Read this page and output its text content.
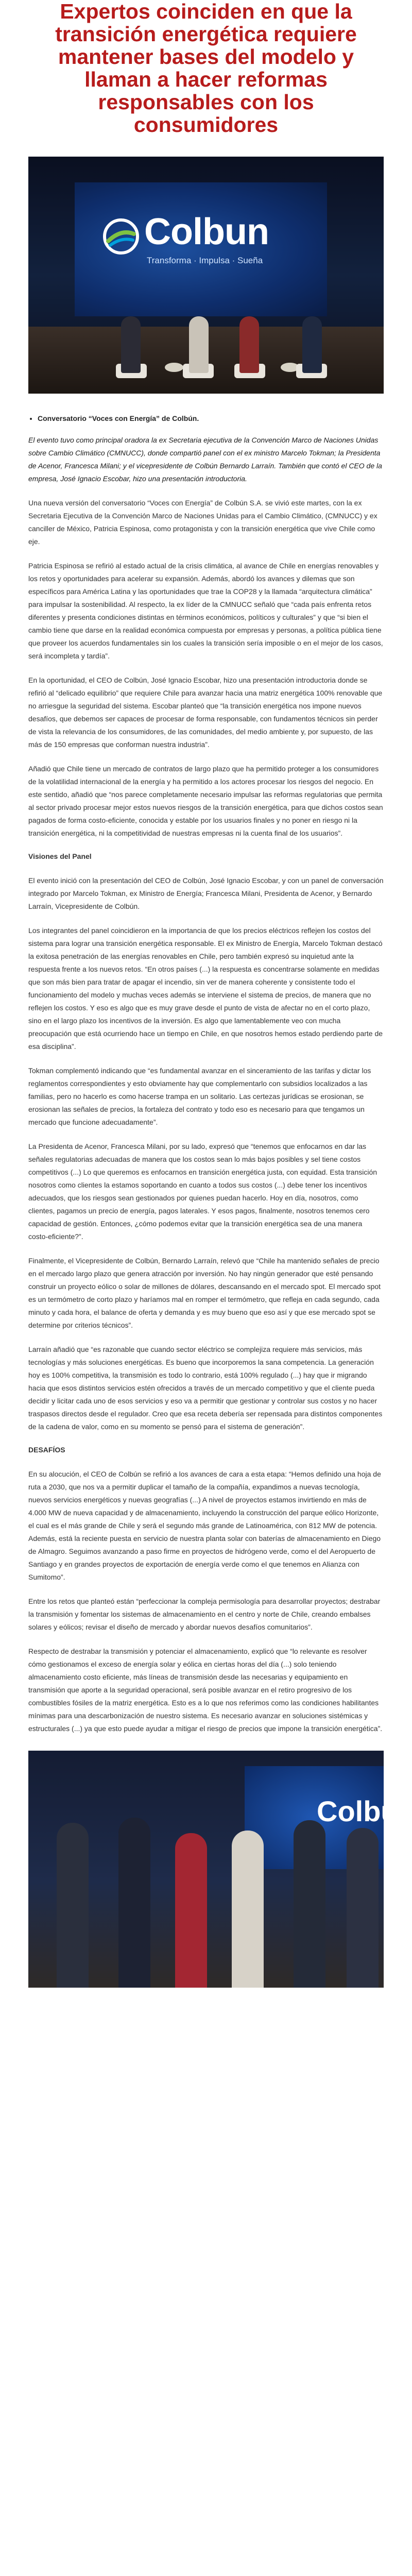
Expertos coinciden en que la transición energética requiere mantener bases del modelo y llaman a hacer reformas responsables con los consumidores
Colbun
Transforma · Impulsa · Sueña
• Conversatorio “Voces con Energía” de Colbún.

El evento tuvo como principal oradora la ex Secretaria ejecutiva de la Convención Marco de Naciones Unidas sobre Cambio Climático (CMNUCC), donde compartió panel con el ex ministro Marcelo Tokman; la Presidenta de Acenor, Francesca Milani; y el vicepresidente de Colbún Bernardo Larraín. También que contó el CEO de la empresa, José Ignacio Escobar, hizo una presentación introductoria.

Una nueva versión del conversatorio “Voces con Energía” de Colbún S.A. se vivió este martes, con la ex Secretaria Ejecutiva de la Convención Marco de Naciones Unidas para el Cambio Climático, (CMNUCC) y ex canciller de México, Patricia Espinosa, como protagonista y con la transición energética que vive Chile como eje.

Patricia Espinosa se refirió al estado actual de la crisis climática, al avance de Chile en energías renovables y los retos y oportunidades para acelerar su expansión. Además, abordó los avances y dilemas que son específicos para América Latina y las oportunidades que trae la COP28 y la llamada “arquitectura climática” para impulsar la sostenibilidad. Al respecto, la ex líder de la CMNUCC señaló que “cada país enfrenta retos diferentes y presenta condiciones distintas en términos económicos, políticos y culturales” y que “si bien el cambio tiene que darse en la realidad económica compuesta por empresas y personas, a política pública tiene que proveer los acuerdos fundamentales sin los cuales la transición sería imposible o en el mejor de los casos, será incompleta y tardía”.

En la oportunidad, el CEO de Colbún, José Ignacio Escobar, hizo una presentación introductoria donde se refirió al “delicado equilibrio” que requiere Chile para avanzar hacia una matriz energética 100% renovable que no arriesgue la seguridad del sistema. Escobar planteó que “la transición energética nos impone nuevos desafíos, que debemos ser capaces de procesar de forma responsable, con fundamentos técnicos sin perder de vista la relevancia de los consumidores, de las comunidades, del medio ambiente y, por supuesto, de las más de 150 empresas que conforman nuestra industria”.

Añadió que Chile tiene un mercado de contratos de largo plazo que ha permitido proteger a los consumidores de la volatilidad internacional de la energía y ha permitido a los actores procesar los riesgos del negocio. En este sentido, añadió que “nos parece completamente necesario impulsar las reformas regulatorias que permita al sector privado procesar mejor estos nuevos riesgos de la transición energética, para que dichos costos sean pagados de forma costo-eficiente, conocida y estable por los usuarios finales y no poner en riesgo ni la transición energética, ni la competitividad de nuestras empresas ni la cuenta final de los usuarios”.

Visiones del Panel

El evento inició con la presentación del CEO de Colbún, José Ignacio Escobar, y con un panel de conversación integrado por Marcelo Tokman, ex Ministro de Energía; Francesca Milani, Presidenta de Acenor, y Bernardo Larraín, Vicepresidente de Colbún.

Los integrantes del panel coincidieron en la importancia de que los precios eléctricos reflejen los costos del sistema para lograr una transición energética responsable. El ex Ministro de Energía, Marcelo Tokman destacó la exitosa penetración de las energías renovables en Chile, pero también expresó su inquietud ante la respuesta frente a los nuevos retos. “En otros países (...) la respuesta es concentrarse solamente en medidas que son más bien para tratar de apagar el incendio, sin ver de manera coherente y consistente todo el funcionamiento del modelo y muchas veces además se interviene el sistema de precios, de manera que no reflejen los costos. Y eso es algo que es muy grave desde el punto de vista de afectar no en el corto plazo, sino en el largo plazo los incentivos de la inversión. Es algo que lamentablemente veo con mucha preocupación que está ocurriendo hace un tiempo en Chile, en que nosotros hemos estado perdiendo parte de esa disciplina”.

Tokman complementó indicando que “es fundamental avanzar en el sinceramiento de las tarifas y dictar los reglamentos correspondientes y esto obviamente hay que complementarlo con subsidios localizados a las familias, pero no hacerlo es como hacerse trampa en un solitario. Las certezas jurídicas se erosionan, se erosionan las señales de precios, la fortaleza del contrato y todo eso es necesario para que tengamos un mercado que funcione adecuadamente”.

La Presidenta de Acenor, Francesca Milani, por su lado, expresó que “tenemos que enfocarnos en dar las señales regulatorias adecuadas de manera que los costos sean lo más bajos posibles y sel tiene costos competitivos (...) Lo que queremos es enfocarnos en transición energética justa, con equidad. Esta transición nosotros como clientes la estamos soportando en cuanto a todos sus costos (...) debe tener los incentivos adecuados, que los riesgos sean gestionados por quienes puedan hacerlo. Hoy en día, nosotros, como clientes, pagamos un precio de energía, pagos laterales. Y esos pagos, finalmente, nosotros tenemos cero capacidad de gestión. Entonces, ¿cómo podemos evitar que la transición energética sea de una manera costo-eficiente?”.

Finalmente, el Vicepresidente de Colbún, Bernardo Larraín, relevó que “Chile ha mantenido señales de precio en el mercado largo plazo que genera atracción por inversión. No hay ningún generador que esté pensando construir un proyecto eólico o solar de millones de dólares, descansando en el mercado spot. El mercado spot es un termómetro de corto plazo y haríamos mal en romper el termómetro, que refleja en cada segundo, cada minuto y cada hora, el balance de oferta y demanda y es muy bueno que eso así y que ese mercado spot se determine por criterios técnicos”.

Larraín añadió que “es razonable que cuando sector eléctrico se complejiza requiere más servicios, más tecnologías y más soluciones energéticas. Es bueno que incorporemos la sana competencia. La generación hoy es 100% competitiva, la transmisión es todo lo contrario, está 100% regulado (...) hay que ir migrando hacia que esos distintos servicios estén ofrecidos a través de un mercado competitivo y que el cliente pueda decidir y licitar cada uno de esos servicios y eso va a permitir que gestionar y controlar sus costos y no hacer traspasos directos desde el regulador. Creo que esa receta debería ser repensada para distintos componentes de la cadena de valor, como en su momento se pensó para el sistema de generación”.

DESAFÍOS

En su alocución, el CEO de Colbún se refirió a los avances de cara a esta etapa: “Hemos definido una hoja de ruta a 2030, que nos va a permitir duplicar el tamaño de la compañía, expandimos a nuevas tecnología, nuevos servicios energéticos y nuevas geografías (...) A nivel de proyectos estamos invirtiendo en más de 4.000 MW de nueva capacidad y de almacenamiento, incluyendo la construcción del parque eólico Horizonte, el cual es el más grande de Chile y será el segundo más grande de Latinoamérica, con 812 MW de potencia. Además, está la reciente puesta en servicio de nuestra planta solar con baterías de almacenamiento en Diego de Almagro. Seguimos avanzando a paso firme en proyectos de hidrógeno verde, como el del Aeropuerto de Santiago y en grandes proyectos de exportación de energía verde como el que tenemos en Alianza con Sumitomo”.

Entre los retos que planteó están “perfeccionar la compleja permisología para desarrollar proyectos; destrabar la transmisión y fomentar los sistemas de almacenamiento en el centro y norte de Chile, creando embalses solares y eólicos; revisar el diseño de mercado y abordar nuevos desafíos comunitarios”.

Respecto de destrabar la transmisión y potenciar el almacenamiento, explicó que “lo relevante es resolver cómo gestionamos el exceso de energía solar y eólica en ciertas horas del día (...) solo teniendo almacenamiento costo eficiente, más líneas de transmisión desde las necesarias y equipamiento en transmisión que aporte a la seguridad operacional, será posible avanzar en el retiro progresivo de los combustibles fósiles de la matriz energética. Esto es a lo que nos referimos como las condiciones habilitantes mínimas para una descarbonización de nuestro sistema. Es necesario avanzar en soluciones sistémicas y estructurales (...) ya que esto puede ayudar a mitigar el riesgo de precios que impone la transición energética”.

Colbu
